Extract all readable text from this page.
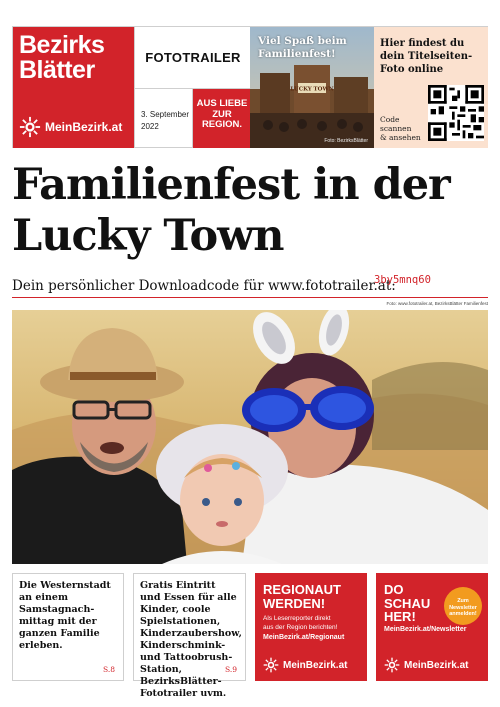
Bezirks
Blätter
MeinBezirk.at
FOTOTRAILER
3. September
2022
AUS LIEBE
ZUR
REGION.
LUCKY TOWN
Viel Spaß beim
Familienfest!
Foto: BezirksBlätter
Hier findest du
dein Titelseiten-
Foto online
Code
scannen
& ansehen
Familienfest in der
Lucky Town
Dein persönlicher Downloadcode für www.fototrailer.at:
3by5mnq60
Foto: www.fototrailer.at, BezirksBlätter Familienfest
Die Westernstadt an einem Samstagnach-mittag mit der ganzen Familie erleben.
S.8
Gratis Eintritt und Essen für alle Kinder, coole Spielstationen, Kinderzaubershow, Kinderschmink- und Tattoobrush-Station, BezirksBlätter-Fototrailer uvm.
S.9
REGIONAUT
WERDEN!
Als Leserreporter direkt
aus der Region berichten!
MeinBezirk.at/Regionaut
MeinBezirk.at
DO
SCHAU
HER!
MeinBezirk.at/Newsletter
Zum
Newsletter
anmelden!
MeinBezirk.at
